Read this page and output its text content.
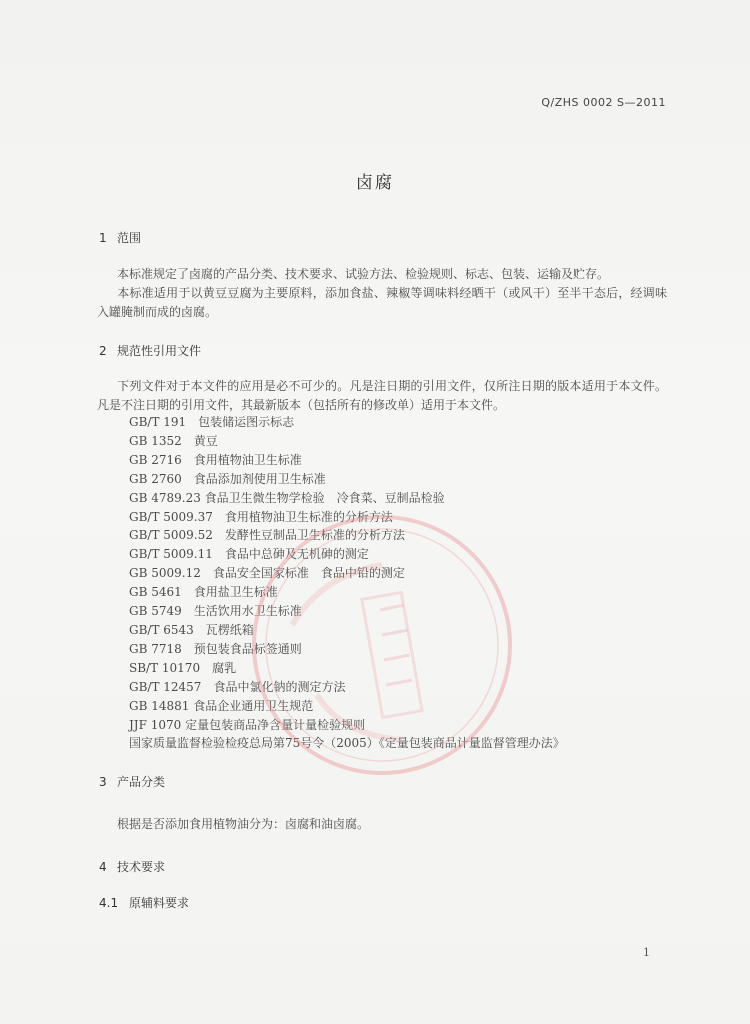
Q/ZHS 0002 S—2011
卤腐
1 范围
本标准规定了卤腐的产品分类、技术要求、试验方法、检验规则、标志、包装、运输及贮存。
本标准适用于以黄豆豆腐为主要原料，添加食盐、辣椒等调味料经晒干（或风干）至半干态后，经调味入罐腌制而成的卤腐。
2 规范性引用文件
下列文件对于本文件的应用是必不可少的。凡是注日期的引用文件，仅所注日期的版本适用于本文件。凡是不注日期的引用文件，其最新版本（包括所有的修改单）适用于本文件。
GB/T 191　包装储运图示标志
GB 1352　黄豆
GB 2716　食用植物油卫生标准
GB 2760　食品添加剂使用卫生标准
GB 4789.23 食品卫生微生物学检验　冷食菜、豆制品检验
GB/T 5009.37　食用植物油卫生标准的分析方法
GB/T 5009.52　发酵性豆制品卫生标准的分析方法
GB/T 5009.11　食品中总砷及无机砷的测定
GB 5009.12　食品安全国家标准　食品中铅的测定
GB 5461　食用盐卫生标准
GB 5749　生活饮用水卫生标准
GB/T 6543　瓦楞纸箱
GB 7718　预包装食品标签通则
SB/T 10170　腐乳
GB/T 12457　食品中氯化钠的测定方法
GB 14881 食品企业通用卫生规范
JJF 1070 定量包装商品净含量计量检验规则
国家质量监督检验检疫总局第75号令（2005）《定量包装商品计量监督管理办法》
3 产品分类
根据是否添加食用植物油分为：卤腐和油卤腐。
4 技术要求
4.1 原辅料要求
1
